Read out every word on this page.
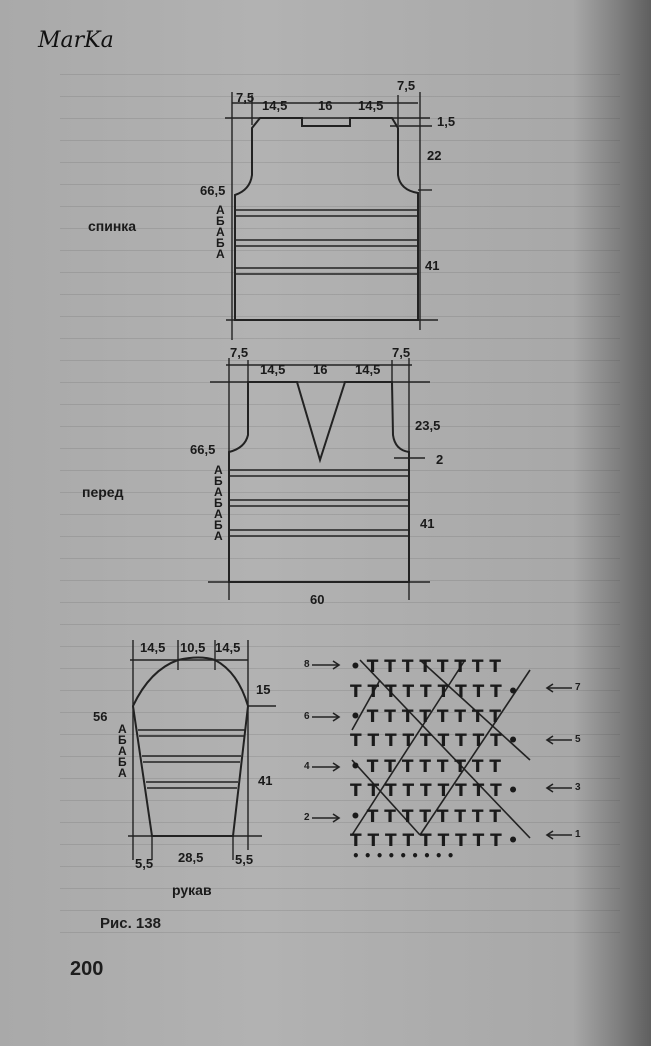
MarKa
• T T T T T T T T
T T T T T T T T T •
• T T T T T T T T
T T T T T T T T T •
• T T T T T T T T
T T T T T T T T T •
• T T T T T T T T
T T T T T T T T T •
• • • • • • • • •
7,5
14,5 16 14,5
7,5
1,5
22
66,5
41
спинка
А
Б
А
Б
А
7,5
14,5 16 14,5
7,5
23,5
2
66,5
41
60
перед
А
Б
А
Б
А
Б
А
14,5 10,5 14,5
15
56
41
5,5 28,5 5,5
рукав
А
Б
А
Б
А
8
6
4
2
7
5
3
1
Рис. 138
200
